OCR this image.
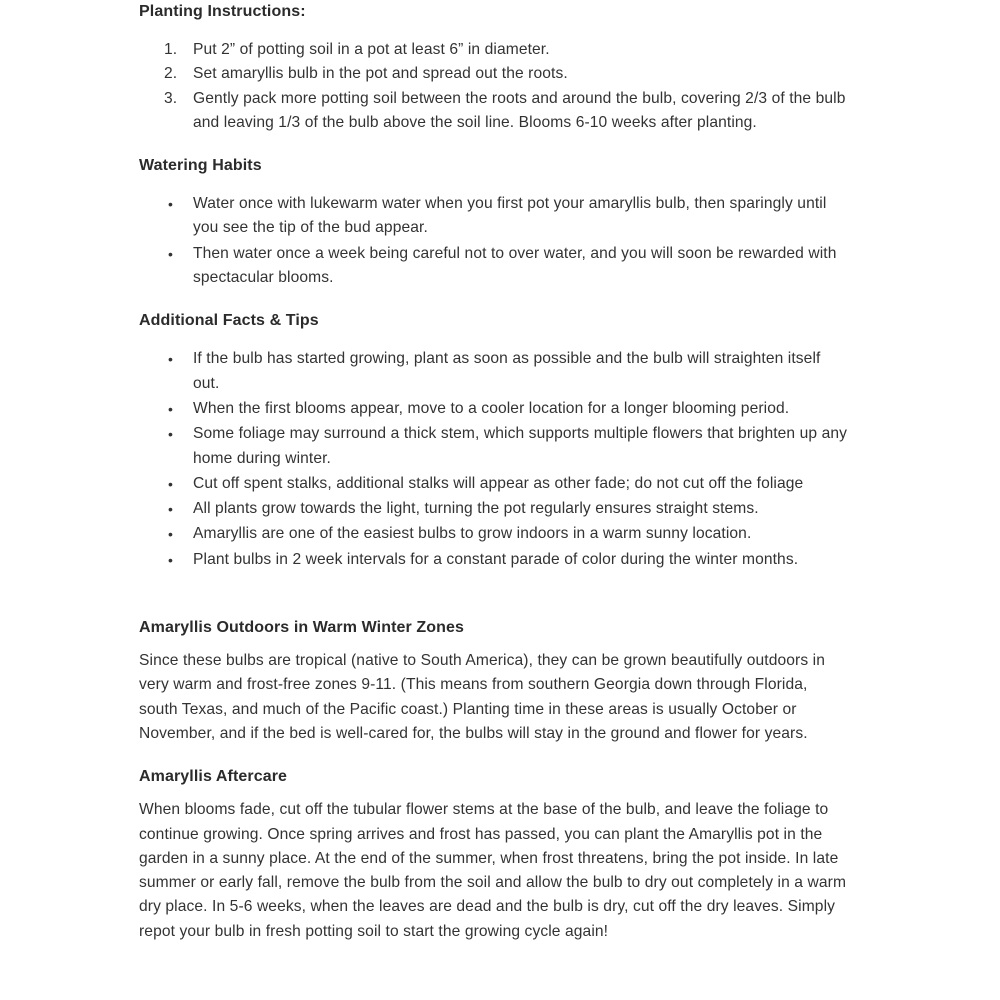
Planting Instructions:
Put 2” of potting soil in a pot at least 6” in diameter.
Set amaryllis bulb in the pot and spread out the roots.
Gently pack more potting soil between the roots and around the bulb, covering 2/3 of the bulb and leaving 1/3 of the bulb above the soil line. Blooms 6-10 weeks after planting.
Watering Habits
• Water once with lukewarm water when you first pot your amaryllis bulb, then sparingly until you see the tip of the bud appear.
• Then water once a week being careful not to over water, and you will soon be rewarded with spectacular blooms.
Additional Facts & Tips
• If the bulb has started growing, plant as soon as possible and the bulb will straighten itself out.
• When the first blooms appear, move to a cooler location for a longer blooming period.
• Some foliage may surround a thick stem, which supports multiple flowers that brighten up any home during winter.
• Cut off spent stalks, additional stalks will appear as other fade; do not cut off the foliage
• All plants grow towards the light, turning the pot regularly ensures straight stems.
• Amaryllis are one of the easiest bulbs to grow indoors in a warm sunny location.
• Plant bulbs in 2 week intervals for a constant parade of color during the winter months.
Amaryllis Outdoors in Warm Winter Zones

Since these bulbs are tropical (native to South America), they can be grown beautifully outdoors in very warm and frost-free zones 9-11. (This means from southern Georgia down through Florida, south Texas, and much of the Pacific coast.) Planting time in these areas is usually October or November, and if the bed is well-cared for, the bulbs will stay in the ground and flower for years.

Amaryllis Aftercare

When blooms fade, cut off the tubular flower stems at the base of the bulb, and leave the foliage to continue growing. Once spring arrives and frost has passed, you can plant the Amaryllis pot in the garden in a sunny place. At the end of the summer, when frost threatens, bring the pot inside. In late summer or early fall, remove the bulb from the soil and allow the bulb to dry out completely in a warm dry place. In 5-6 weeks, when the leaves are dead and the bulb is dry, cut off the dry leaves. Simply repot your bulb in fresh potting soil to start the growing cycle again!
